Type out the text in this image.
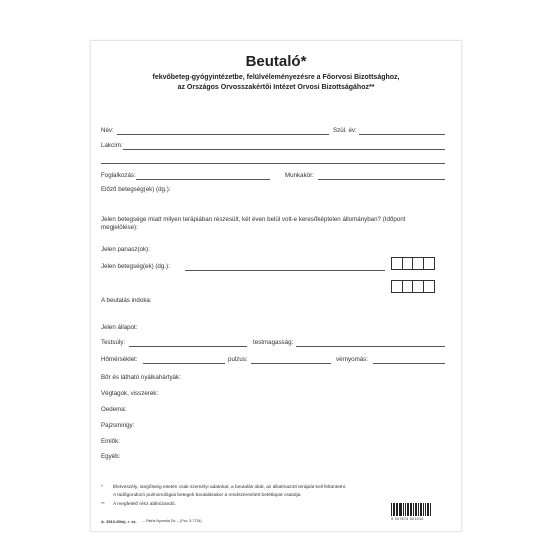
Beutaló*
fekvőbeteg-gyógyintézetbe, felülvéleményezésre a Főorvosi Bizottsághoz,
az Országos Orvosszakértői Intézet Orvosi Bizottságához**
Név:	Szül. év:
Lakcím:
Foglalkozás:	Munkakör:
Előző betegség(ek) (dg.):
Jelen betegsége miatt milyen terápiában részesült, két éven belül volt-e keresőképtelen állományban? (Időpont megjelölése):
Jelen panasz(ok):
Jelen betegség(ek) (dg.):
A beutalás indoka:
Jelen állapot:
Testsúly:	testmagasság:
Hőmérséklet:	pulzus:	vérnyomás:
Bőr és látható nyálkahártyák:
Végtagok, visszerek:
Oedema:
Pajzsmirigy:
Emlők:
Egyéb:
* Életveszély, sürgősség esetén csak személyi adatokat, a beutalás okát, az alkalmazott terápiát kell feltüntetni.
A tüdőgondozó pulmonológiai betegek beutalásakor a rendszeresített betétlapot csatolja.
** A megfelelő rész aláhúzandó.
A. 3510-89/új. r. sz. – Pátria Nyomda Zrt. – (Fsz: 3-7734)	5 997674 521010
